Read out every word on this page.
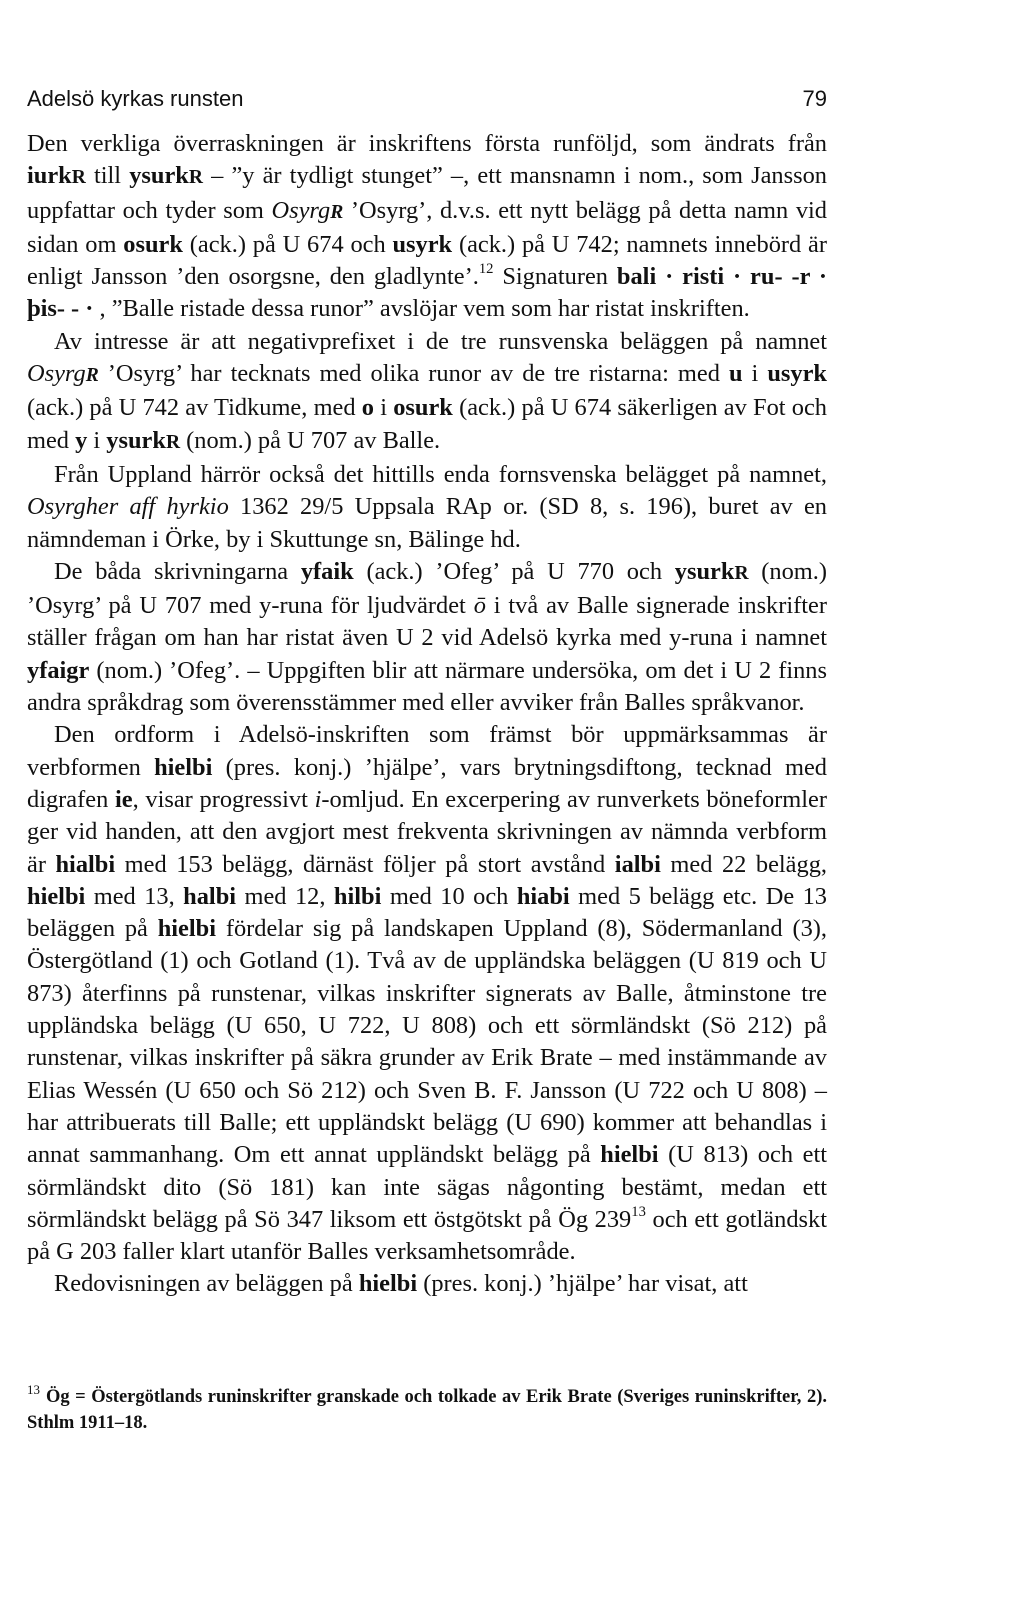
Adelsö kyrkas runsten	79

Den verkliga överraskningen är inskriftens första runföljd, som ändrats från iurkR till ysurkR – ”y är tydligt stunget” –, ett mansnamn i nom., som Jansson uppfattar och tyder som OsyrgR ’Osyrg’, d.v.s. ett nytt belägg på detta namn vid sidan om osurk (ack.) på U 674 och usyrk (ack.) på U 742; namnets innebörd är enligt Jansson ’den osorgsne, den gladlynte’.$^{12}$ Signaturen bali · risti · ru- -r · þis- - · , ”Balle ristade dessa runor” avslöjar vem som har ristat inskriften.

Av intresse är att negativprefixet i de tre runsvenska beläggen på namnet OsyrgR ’Osyrg’ har tecknats med olika runor av de tre ristarna: med u i usyrk (ack.) på U 742 av Tidkume, med o i osurk (ack.) på U 674 säkerligen av Fot och med y i ysurkR (nom.) på U 707 av Balle.

Från Uppland härrör också det hittills enda fornsvenska belägget på namnet, Osyrgher aff hyrkio 1362 29/5 Uppsala RAp or. (SD 8, s. 196), buret av en nämndeman i Örke, by i Skuttunge sn, Bälinge hd.

De båda skrivningarna yfaik (ack.) ’Ofeg’ på U 770 och ysurkR (nom.) ’Osyrg’ på U 707 med y-runa för ljudvärdet ō i två av Balle signerade inskrifter ställer frågan om han har ristat även U 2 vid Adelsö kyrka med y-runa i namnet yfaigr (nom.) ’Ofeg’. – Uppgiften blir att närmare undersöka, om det i U 2 finns andra språkdrag som överensstämmer med eller avviker från Balles språkvanor.

Den ordform i Adelsö-inskriften som främst bör uppmärksammas är verbformen hielbi (pres. konj.) ’hjälpe’, vars brytningsdiftong, tecknad med digrafen ie, visar progressivt i-omljud. En excerpering av runverkets böneformler ger vid handen, att den avgjort mest frekventa skrivningen av nämnda verbform är hialbi med 153 belägg, därnäst följer på stort avstånd ialbi med 22 belägg, hielbi med 13, halbi med 12, hilbi med 10 och hiabi med 5 belägg etc. De 13 beläggen på hielbi fördelar sig på landskapen Uppland (8), Södermanland (3), Östergötland (1) och Gotland (1). Två av de uppländska beläggen (U 819 och U 873) återfinns på runstenar, vilkas inskrifter signerats av Balle, åtminstone tre uppländska belägg (U 650, U 722, U 808) och ett sörmländskt (Sö 212) på runstenar, vilkas inskrifter på säkra grunder av Erik Brate – med instämmande av Elias Wessén (U 650 och Sö 212) och Sven B. F. Jansson (U 722 och U 808) – har attribuerats till Balle; ett uppländskt belägg (U 690) kommer att behandlas i annat sammanhang. Om ett annat uppländskt belägg på hielbi (U 813) och ett sörmländskt dito (Sö 181) kan inte sägas någonting bestämt, medan ett sörmländskt belägg på Sö 347 liksom ett östgötskt på Ög $239^{13}$ och ett gotländskt på G 203 faller klart utanför Balles verksamhetsområde.

Redovisningen av beläggen på hielbi (pres. konj.) ’hjälpe’ har visat, att

$^{13}$ Ög = Östergötlands runinskrifter granskade och tolkade av Erik Brate (Sveriges runinskrifter, 2). Sthlm 1911–18.
